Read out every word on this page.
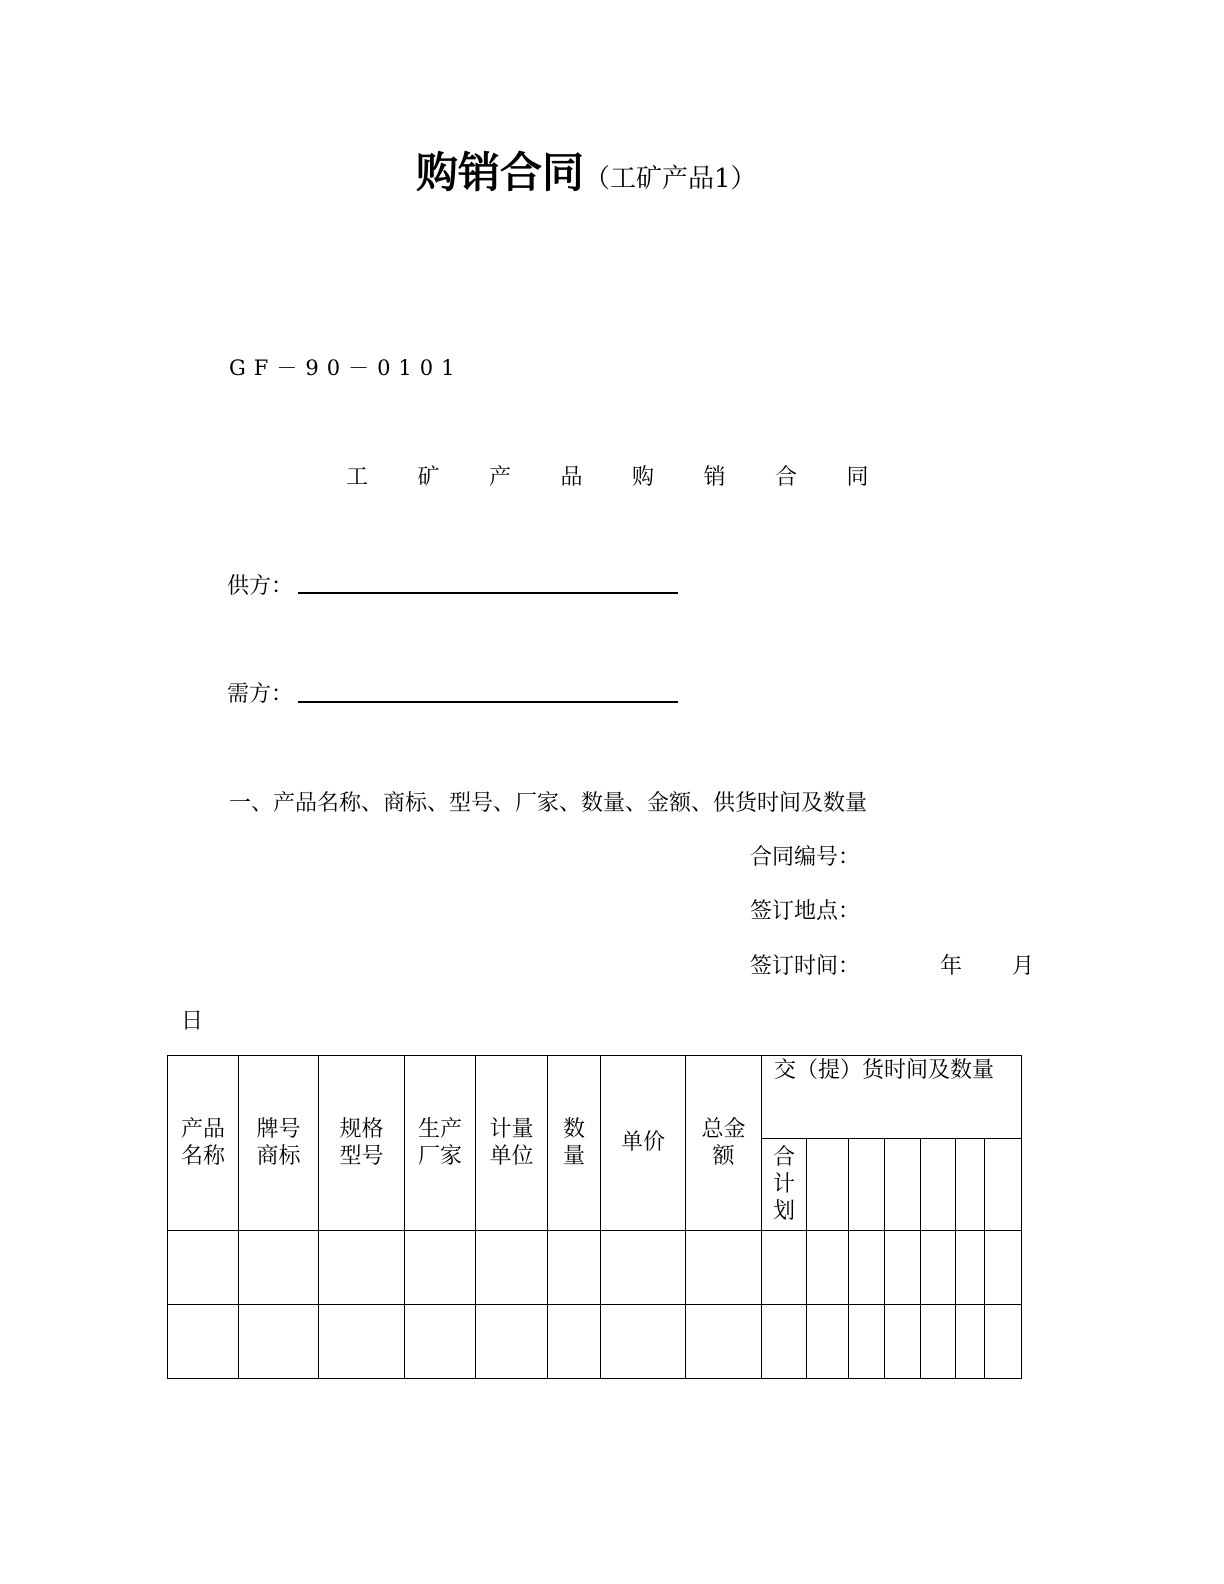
购销合同（工矿产品1）
GF－90－0101
工	矿	产	品	购	销	合	同
供方：
需方：
一、产品名称、商标、型号、厂家、数量、金额、供货时间及数量
合同编号：
签订地点：
签订时间：	年 月
日
产品名称	牌号商标	规格型号	生产厂家	计量单位	数量	单价	总金额	交（提）货时间及数量						
								合计划						
